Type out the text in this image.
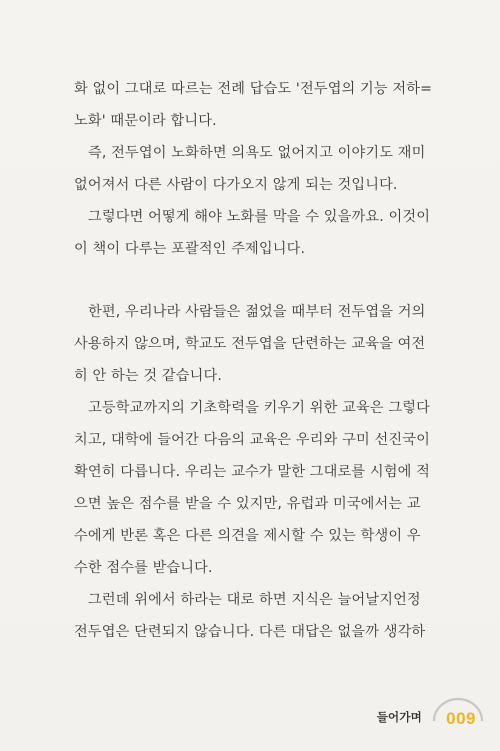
화 없이 그대로 따르는 전례 답습도 '전두엽의 기능 저하=
노화' 때문이라 합니다.
즉, 전두엽이 노화하면 의욕도 없어지고 이야기도 재미
없어져서 다른 사람이 다가오지 않게 되는 것입니다.
그렇다면 어떻게 해야 노화를 막을 수 있을까요. 이것이
이 책이 다루는 포괄적인 주제입니다.
한편, 우리나라 사람들은 젊었을 때부터 전두엽을 거의
사용하지 않으며, 학교도 전두엽을 단련하는 교육을 여전
히 안 하는 것 같습니다.
고등학교까지의 기초학력을 키우기 위한 교육은 그렇다
치고, 대학에 들어간 다음의 교육은 우리와 구미 선진국이
확연히 다릅니다. 우리는 교수가 말한 그대로를 시험에 적
으면 높은 점수를 받을 수 있지만, 유럽과 미국에서는 교
수에게 반론 혹은 다른 의견을 제시할 수 있는 학생이 우
수한 점수를 받습니다.
그런데 위에서 하라는 대로 하면 지식은 늘어날지언정
전두엽은 단련되지 않습니다. 다른 대답은 없을까 생각하
들어가며 009
